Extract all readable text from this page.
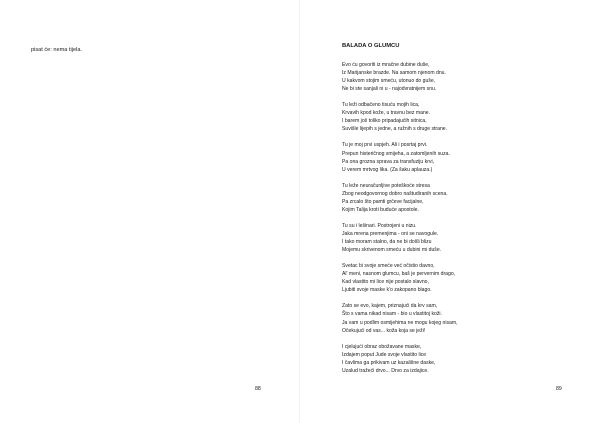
pisat će: nema tijela.
88
BALADA O GLUMCU
Evo ću govoriti iz mračne dubine duše,
Iz Marijanske brazde. Na samom njenom dnu.
U kakvom stojim smeću, utonuo do guše,
Ne bi ste sanjali ni u - najodvratnijem snu.
Tu leži odbačeno tisuću mojih lica,
Krvavih kpod kože, u travnu bez mane.
I barem još toliko pripadajućih sitnica,
Suvišle lijepih s jedne, a ružnih s druge strane.
Tu je moj prvi uspjeh. Ali i posrtaj prvi.
Prepun histeričnog smijeha, a zatomljenih suza.
Pa ona grozna sprava za transfuziju krvi,
U verem mrtvog lika. (Za šaku aplauza.)
Tu leže neuračunljive poteškoće stresa
Zbog neodgovornog dobro naštudiranih scena.
Pa zrcalo što pamti grčeve facijalne,
Kojim Talija kroti buduće apostole.
Tu su i lešinari. Postrojeni u nizu.
Jaka mrena premenjima - oni se navogule.
I tako moram stalno, da ne bi došli blizu
Mojemu skrivenom smeću u dubini mi duše.
Svetac bi svoje smeće već očistio davno,
Al' meni, nasnom glumcu, baš je pervernim drago,
Kad vlastito mi lice nije postalo slavno,
Ljubiti svoje maske k'o zakopano blago.
Zato se evo, kajem, priznajući da krv sam,
Što s vama nikad nisam - bio u vlastitoj koži.
Ja vam u podlim osmijehima ne mogu kojeg nisam,
Očekujući od vas... koža koja se ježi!
I cjelujući obraz obožavane maske,
Izdajem poput Jude svoje vlastito lice
I čavlima ga prikivam uz kazališne daske,
Uzalud tražeći drvo... Drvo za izdajice.
89
